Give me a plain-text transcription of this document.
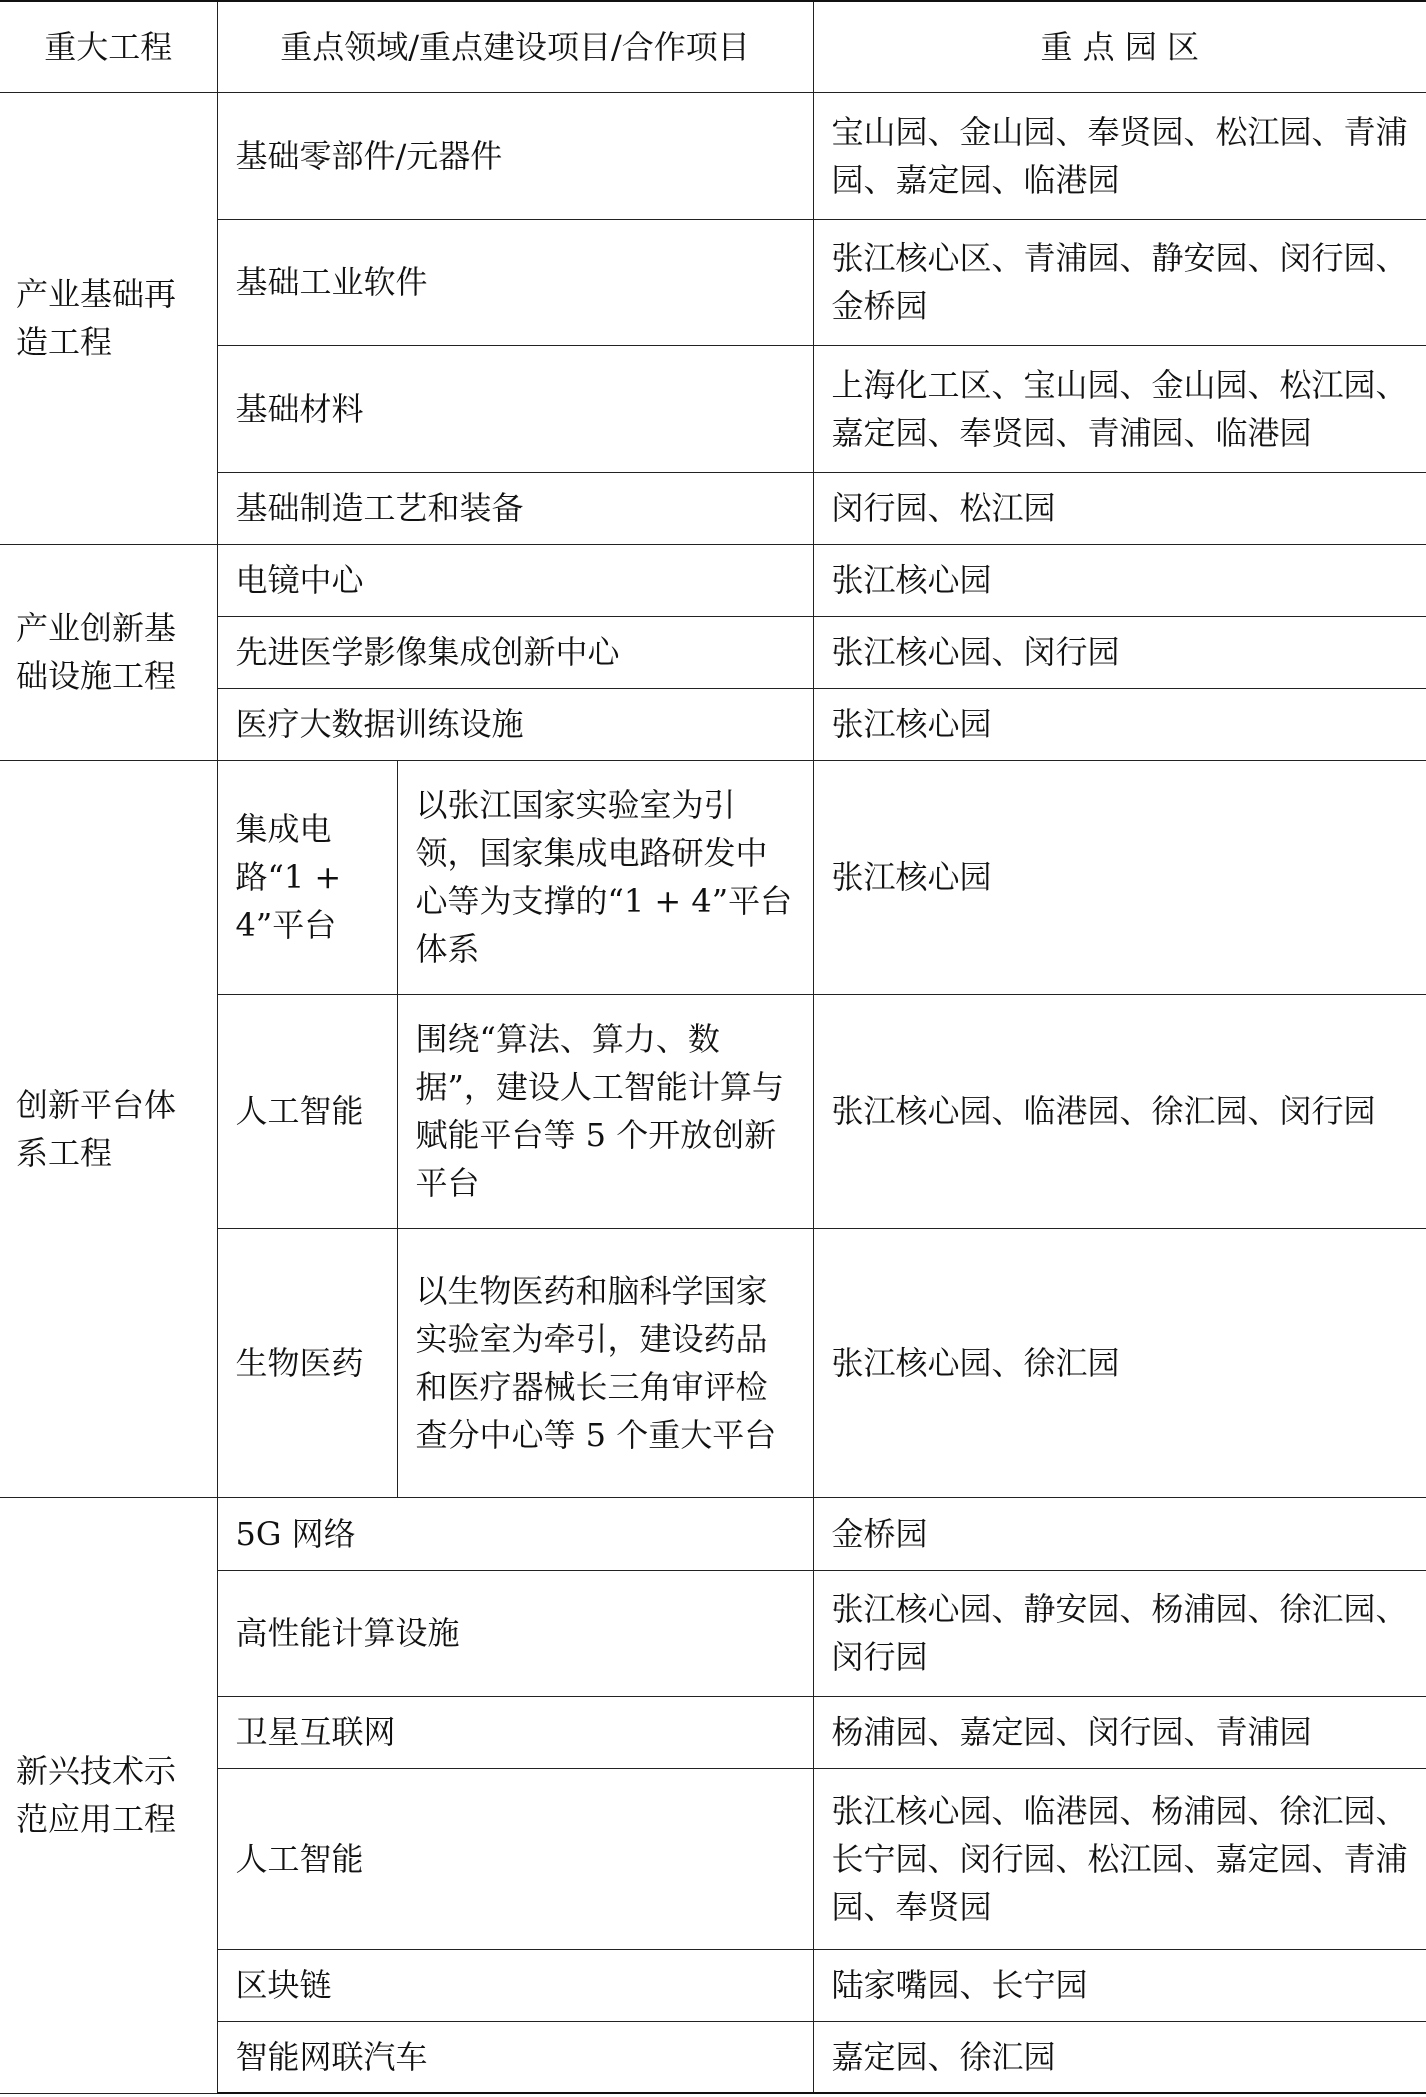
重大工程	重点领域/重点建设项目/合作项目		重 点 园 区
产业基础再造工程	基础零部件/元器件		宝山园、金山园、奉贤园、松江园、青浦园、嘉定园、临港园
	基础工业软件		张江核心区、青浦园、静安园、闵行园、金桥园
	基础材料		上海化工区、宝山园、金山园、松江园、嘉定园、奉贤园、青浦园、临港园
	基础制造工艺和装备		闵行园、松江园
产业创新基础设施工程	电镜中心		张江核心园
	先进医学影像集成创新中心		张江核心园、闵行园
	医疗大数据训练设施		张江核心园
创新平台体系工程	集成电路“1 + 4”平台	以张江国家实验室为引领，国家集成电路研发中心等为支撑的“1 + 4”平台体系	张江核心园
	人工智能	围绕“算法、算力、数据”，建设人工智能计算与赋能平台等 5 个开放创新平台	张江核心园、临港园、徐汇园、闵行园
	生物医药	以生物医药和脑科学国家实验室为牵引，建设药品和医疗器械长三角审评检查分中心等 5 个重大平台	张江核心园、徐汇园
新兴技术示范应用工程	5G 网络		金桥园
	高性能计算设施		张江核心园、静安园、杨浦园、徐汇园、闵行园
	卫星互联网		杨浦园、嘉定园、闵行园、青浦园
	人工智能		张江核心园、临港园、杨浦园、徐汇园、长宁园、闵行园、松江园、嘉定园、青浦园、奉贤园
	区块链		陆家嘴园、长宁园
	智能网联汽车		嘉定园、徐汇园
